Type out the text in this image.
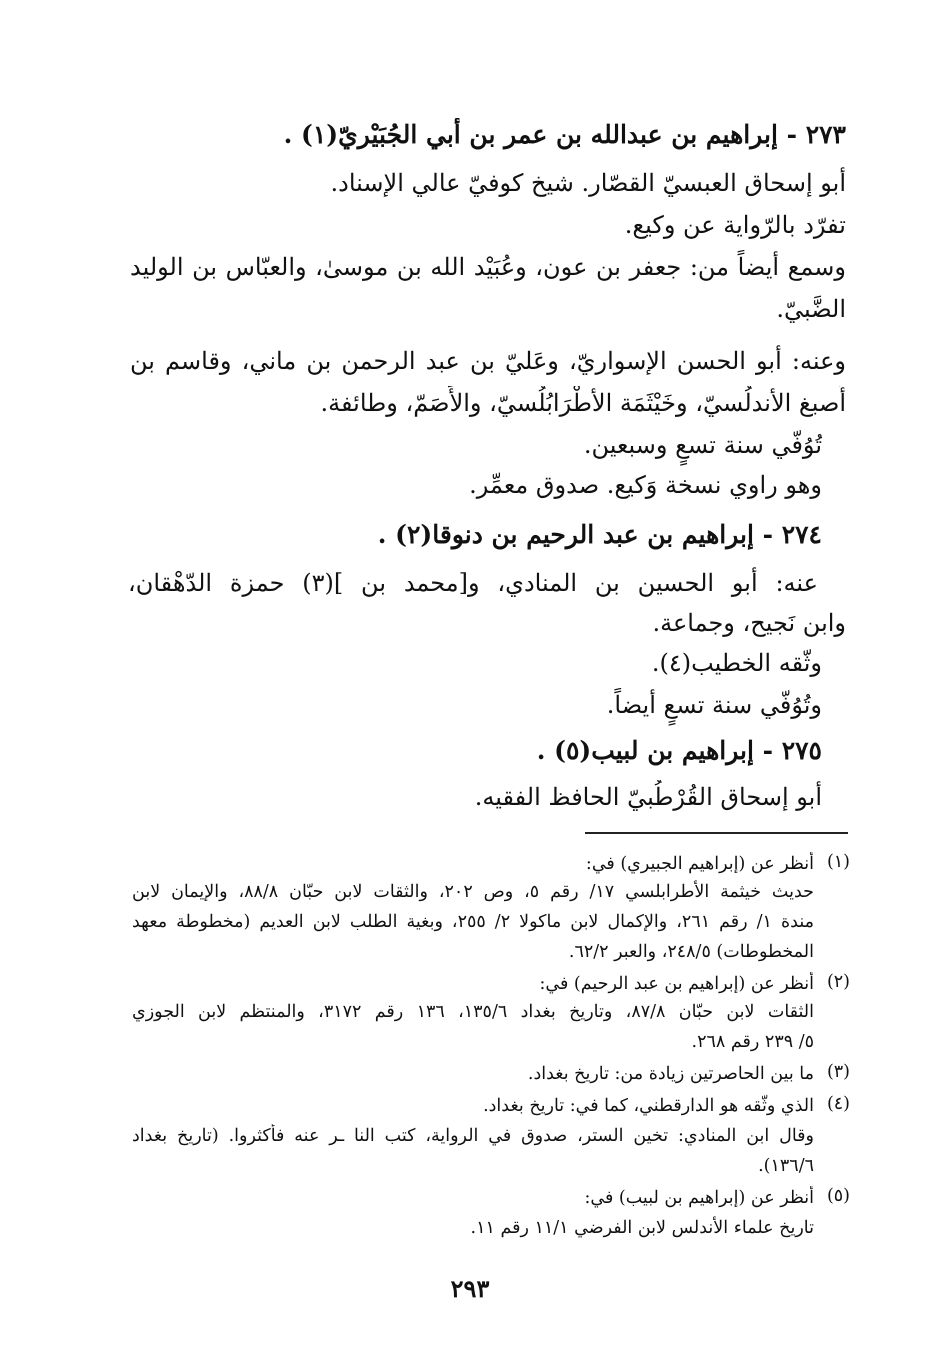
٢٧٣ - إبراهيم بن عبدالله بن عمر بن أبي الجُبَيْريّ(١) .
أبو إسحاق العبسيّ القصّار. شيخ كوفيّ عالي الإسناد.
تفرّد بالرّواية عن وكيع.
وسمع أيضاً من: جعفر بن عون، وعُبَيْد الله بن موسىٰ، والعبّاس بن الوليد
الضَّبيّ.
وعنه: أبو الحسن الإسواريّ، وعَليّ بن عبد الرحمن بن ماني، وقاسم بن
أَصبغ الأندلُسيّ، وخَيْثَمَة الأطْرَابُلُسيّ، والأَصَمّ، وطائفة.
تُوُفّي سنة تسعٍ وسبعين.
وهو راوي نسخة وَكيع. صدوق معمِّر.
٢٧٤ - إبراهيم بن عبد الرحيم بن دنوقا(٢) .
عنه: أبو الحسين بن المنادي، و[محمد بن ](٣) حمزة الدّهْقان،
وابن نَجيح، وجماعة.
وثّقه الخطيب(٤).
وتُوُفّي سنة تسعٍ أيضاً.
٢٧٥ - إبراهيم بن لبيب(٥) .
أبو إسحاق القُرْطُبيّ الحافظ الفقيه.
(١)
أنظر عن (إبراهيم الجبيري) في:
حديث خيثمة الأطرابلسي ١٧/ رقم ٥، وص ٢٠٢، والثقات لابن حبّان ٨٨/٨، والإيمان لابن
مندة ١/ رقم ٢٦١، والإكمال لابن ماكولا ٢/ ٢٥٥، وبغية الطلب لابن العديم (مخطوطة معهد
المخطوطات) ٢٤٨/٥، والعبر ٦٢/٢.
(٢)
أنظر عن (إبراهيم بن عبد الرحيم) في:
الثقات لابن حبّان ٨٧/٨، وتاريخ بغداد ١٣٥/٦، ١٣٦ رقم ٣١٧٢، والمنتظم لابن الجوزي
٥/ ٢٣٩ رقم ٢٦٨.
(٣)
ما بين الحاصرتين زيادة من: تاريخ بغداد.
(٤)
الذي وثّقه هو الدارقطني، كما في: تاريخ بغداد.
وقال ابن المنادي: تخين الستر، صدوق في الرواية، كتب النا ـر عنه فأكثروا. (تاريخ بغداد
١٣٦/٦).
(٥)
أنظر عن (إبراهيم بن لبيب) في:
تاريخ علماء الأندلس لابن الفرضي ١١/١ رقم ١١.
٢٩٣
